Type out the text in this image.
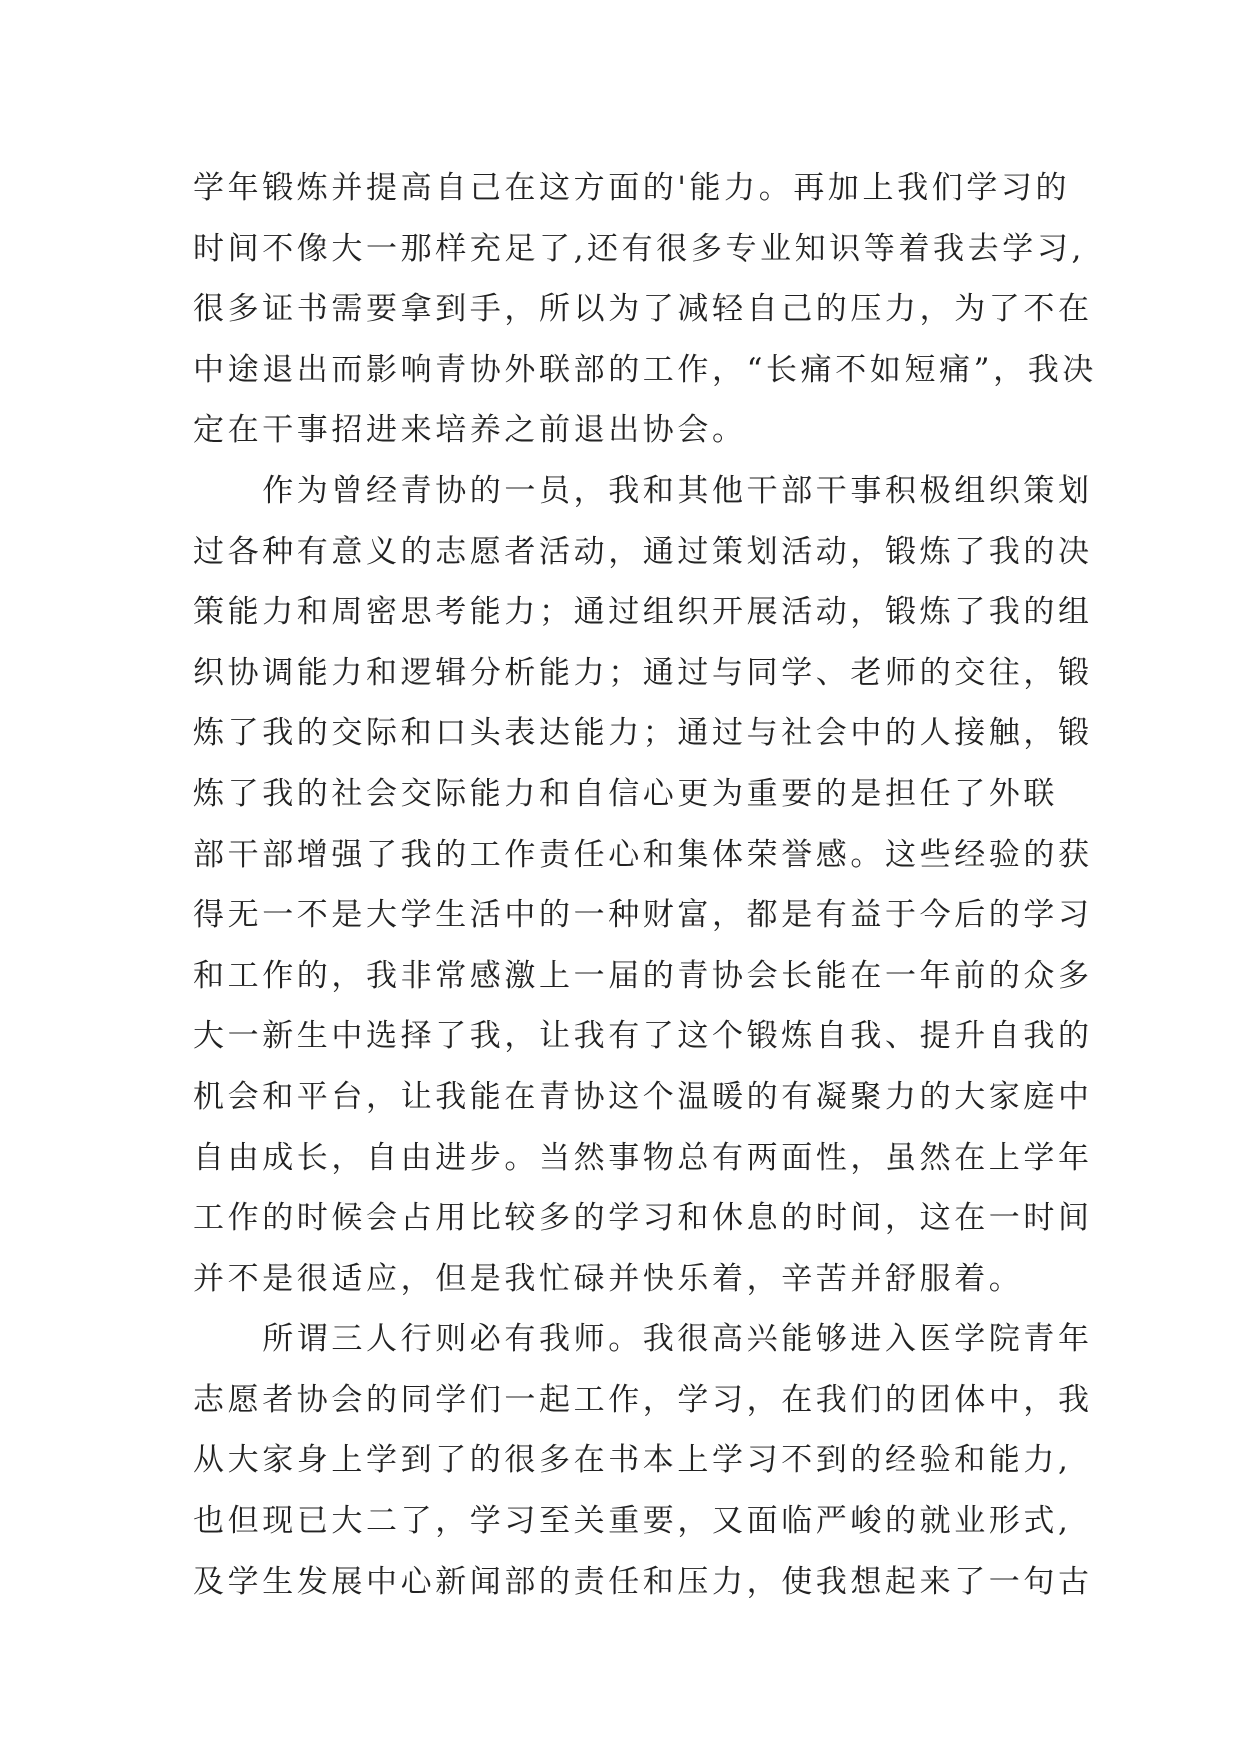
学年锻炼并提高自己在这方面的'能力。再加上我们学习的
时间不像大一那样充足了,还有很多专业知识等着我去学习,
很多证书需要拿到手，所以为了减轻自己的压力，为了不在
中途退出而影响青协外联部的工作，“长痛不如短痛”，我决
定在干事招进来培养之前退出协会。
　　作为曾经青协的一员，我和其他干部干事积极组织策划
过各种有意义的志愿者活动，通过策划活动，锻炼了我的决
策能力和周密思考能力；通过组织开展活动，锻炼了我的组
织协调能力和逻辑分析能力；通过与同学、老师的交往，锻
炼了我的交际和口头表达能力；通过与社会中的人接触，锻
炼了我的社会交际能力和自信心更为重要的是担任了外联
部干部增强了我的工作责任心和集体荣誉感。这些经验的获
得无一不是大学生活中的一种财富，都是有益于今后的学习
和工作的，我非常感激上一届的青协会长能在一年前的众多
大一新生中选择了我，让我有了这个锻炼自我、提升自我的
机会和平台，让我能在青协这个温暖的有凝聚力的大家庭中
自由成长，自由进步。当然事物总有两面性，虽然在上学年
工作的时候会占用比较多的学习和休息的时间，这在一时间
并不是很适应，但是我忙碌并快乐着，辛苦并舒服着。
　　所谓三人行则必有我师。我很高兴能够进入医学院青年
志愿者协会的同学们一起工作，学习，在我们的团体中，我
从大家身上学到了的很多在书本上学习不到的经验和能力,
也但现已大二了，学习至关重要，又面临严峻的就业形式,
及学生发展中心新闻部的责任和压力，使我想起来了一句古
